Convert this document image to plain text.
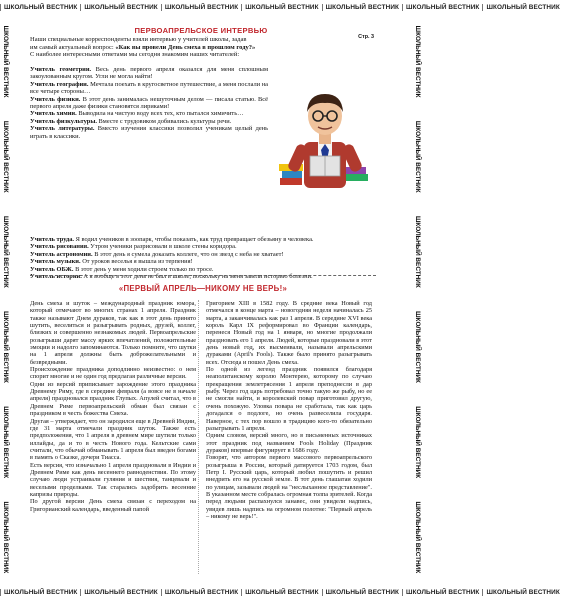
ШКОЛЬНЫЙ ВЕСТНИК	ШКОЛЬНЫЙ ВЕСТНИК	ШКОЛЬНЫЙ ВЕСТНИК	ШКОЛЬНЫЙ ВЕСТНИК	ШКОЛЬНЫЙ ВЕСТНИК	ШКОЛЬНЫЙ ВЕСТНИК	ШКОЛЬНЫЙ ВЕСТНИК
ШКОЛЬНЫЙ ВЕСТНИК	ШКОЛЬНЫЙ ВЕСТНИК	ШКОЛЬНЫЙ ВЕСТНИК	ШКОЛЬНЫЙ ВЕСТНИК	ШКОЛЬНЫЙ ВЕСТНИК	ШКОЛЬНЫЙ ВЕСТНИК	ШКОЛЬНЫЙ ВЕСТНИК
ШКОЛЬНЫЙ ВЕСТНИК
ШКОЛЬНЫЙ ВЕСТНИК
ШКОЛЬНЫЙ ВЕСТНИК
ШКОЛЬНЫЙ ВЕСТНИК
ШКОЛЬНЫЙ ВЕСТНИК
ШКОЛЬНЫЙ ВЕСТНИК
ШКОЛЬНЫЙ ВЕСТНИК
ШКОЛЬНЫЙ ВЕСТНИК
ШКОЛЬНЫЙ ВЕСТНИК
ШКОЛЬНЫЙ ВЕСТНИК
ШКОЛЬНЫЙ ВЕСТНИК
ШКОЛЬНЫЙ ВЕСТНИК
ПЕРВОАПРЕЛЬСКОЕ ИНТЕРВЬЮ

Наши специальные корреспонденты взяли интервью у учителей школы, задав

им самый актуальный вопрос: «Как вы провели День смеха в прошлом году?»

С наиболее интересными ответами мы сегодня знакомим наших читателей:

Стр. 3

Учитель геометрии. Весь день первого апреля оказался для меня сплошным закоулованным кругом. Угли не могла найти!

Учитель географии. Мечтала поехать в кругосветное путешествие, а меня послали на все четыре стороны…

Учитель физики. В этот день занималась нешуточным делом — писала статью. Всё первого апреля даже физики становятся лириками!

Учитель химии. Выводила на чистую воду всех тех, кто пытался химичить…

Учитель физкультуры. Вместе с трудовиком добивались культуры речи.

Учитель литературы. Вместо изучения классики позволил ученикам целый день играть в классики.

Учитель труда. Я водил учеников в зоопарк, чтобы показать, как труд превращает обезьяну в человека.

Учитель рисования. Утром ученики разрисовали в школе стены коридора.

Учитель астрономии. В этот день я сумела доказать коллеге, что он звезд с неба не хватает!

Учитель музыки. От уроков веселья я вышла из терпения!

Учитель ОБЖ. В этот день у меня ходили строем только по тросе.

Учитель истории. А я вообще в этот день не был в школе, поскольку на меня завели историю болезни.

«ПЕРВЫЙ АПРЕЛЬ—НИКОМУ НЕ ВЕРЬ!»

День смеха и шуток – международный праздник юмора, который отмечают во многих странах 1 апреля. Праздник также называют Днем дураков, так как в этот день принято шутить, веселиться и разыгрывать родных, друзей, коллег, близких и совершенно незнакомых людей. Первоапрельские розыгрыши дарят массу ярких впечатлений, положительные эмоции и надолго запоминаются. Только помните, что шутки на 1 апреля должны быть доброжелательными и безвредными.

Происхождение праздника доподлинно неизвестно: о нем спорит многие и не один год предлагая различные версии.

Одни из версий приписывает зарождение этого праздника Древнему Риму, где в середине февраля (а вовсе не в начале апреля) праздновался праздник Глупых. Апулей считал, что в Древнем Риме первоапрельский обман был связан с праздником в честь божества Смеха.

Другая – утверждает, что он зародился еще в Древней Индии, где 31 марта отмечали праздник шуток. Также есть предположения, что 1 апреля в древнем мире шутили только иллайды, да и то в честь Нового года. Кельтские сами считали, что обычай обманывать 1 апреля был введен богами в память о Сказке, дочери Тиасса.

Есть версия, что изначально 1 апреля праздновали в Индии и Древнем Риме как день весеннего равноденствия. По этому случаю люди устраивали гуляния и шествия, танцевали и веселыми проделками. Так старались задобрить весенние капризы природы.

По другой версии День смеха связан с переходом на Григорианский календарь, введенный папой

Григорием XIII в 1582 году. В средние века Новый год отмечался в конце марта – новогодняя неделя начиналась 25 марта, а заканчивалась как раз 1 апреля. В середине XVI века король Карл IX реформировал во Франции календарь, перенеся Новый год на 1 января, но многие продолжали праздновать его 1 апреля. Людей, которые праздновали в этот день новый год, их высмеивали, называли апрельскими дураками (April's Fools). Также было принято разыгрывать всех. Отсюда и пошел День смеха.

По одной из легенд праздник появился благодаря неаполитанскому королю Монтерею, которому по случаю прекращения землетрясения 1 апреля преподнесли в дар рыбу. Через год царь потребовал точно такую же рыбу, но ее не смогли найти, и королевский повар приготовил другую, очень похожую. Уловка повара не сработала, так как царь догадался о подлоге, но очень развеселила государя. Наверное, с тех пор вошло в традицию кого-то обязательно разыгрывать 1 апреля.

Одним словом, версий много, но в письменных источниках этот праздник под названием Fools Holiday (Праздник дураков) впервые фигурирует в 1686 году.

Говорят, что автором первого массового первоапрельского розыгрыша в России, который датируется 1703 годом, был Петр I. Русский царь, который любил пошутить и решил внедрить его на русской земле. В тот день глашатаи ходили по улицам, зазывали людей на "неслыханное представление". В указанном месте собралась огромная толпа зрителей. Когда перед людьми распахнулся занавес, они увидели надпись, увидев лишь надпись на огромном полотне: "Первый апрель – никому не верь!".
